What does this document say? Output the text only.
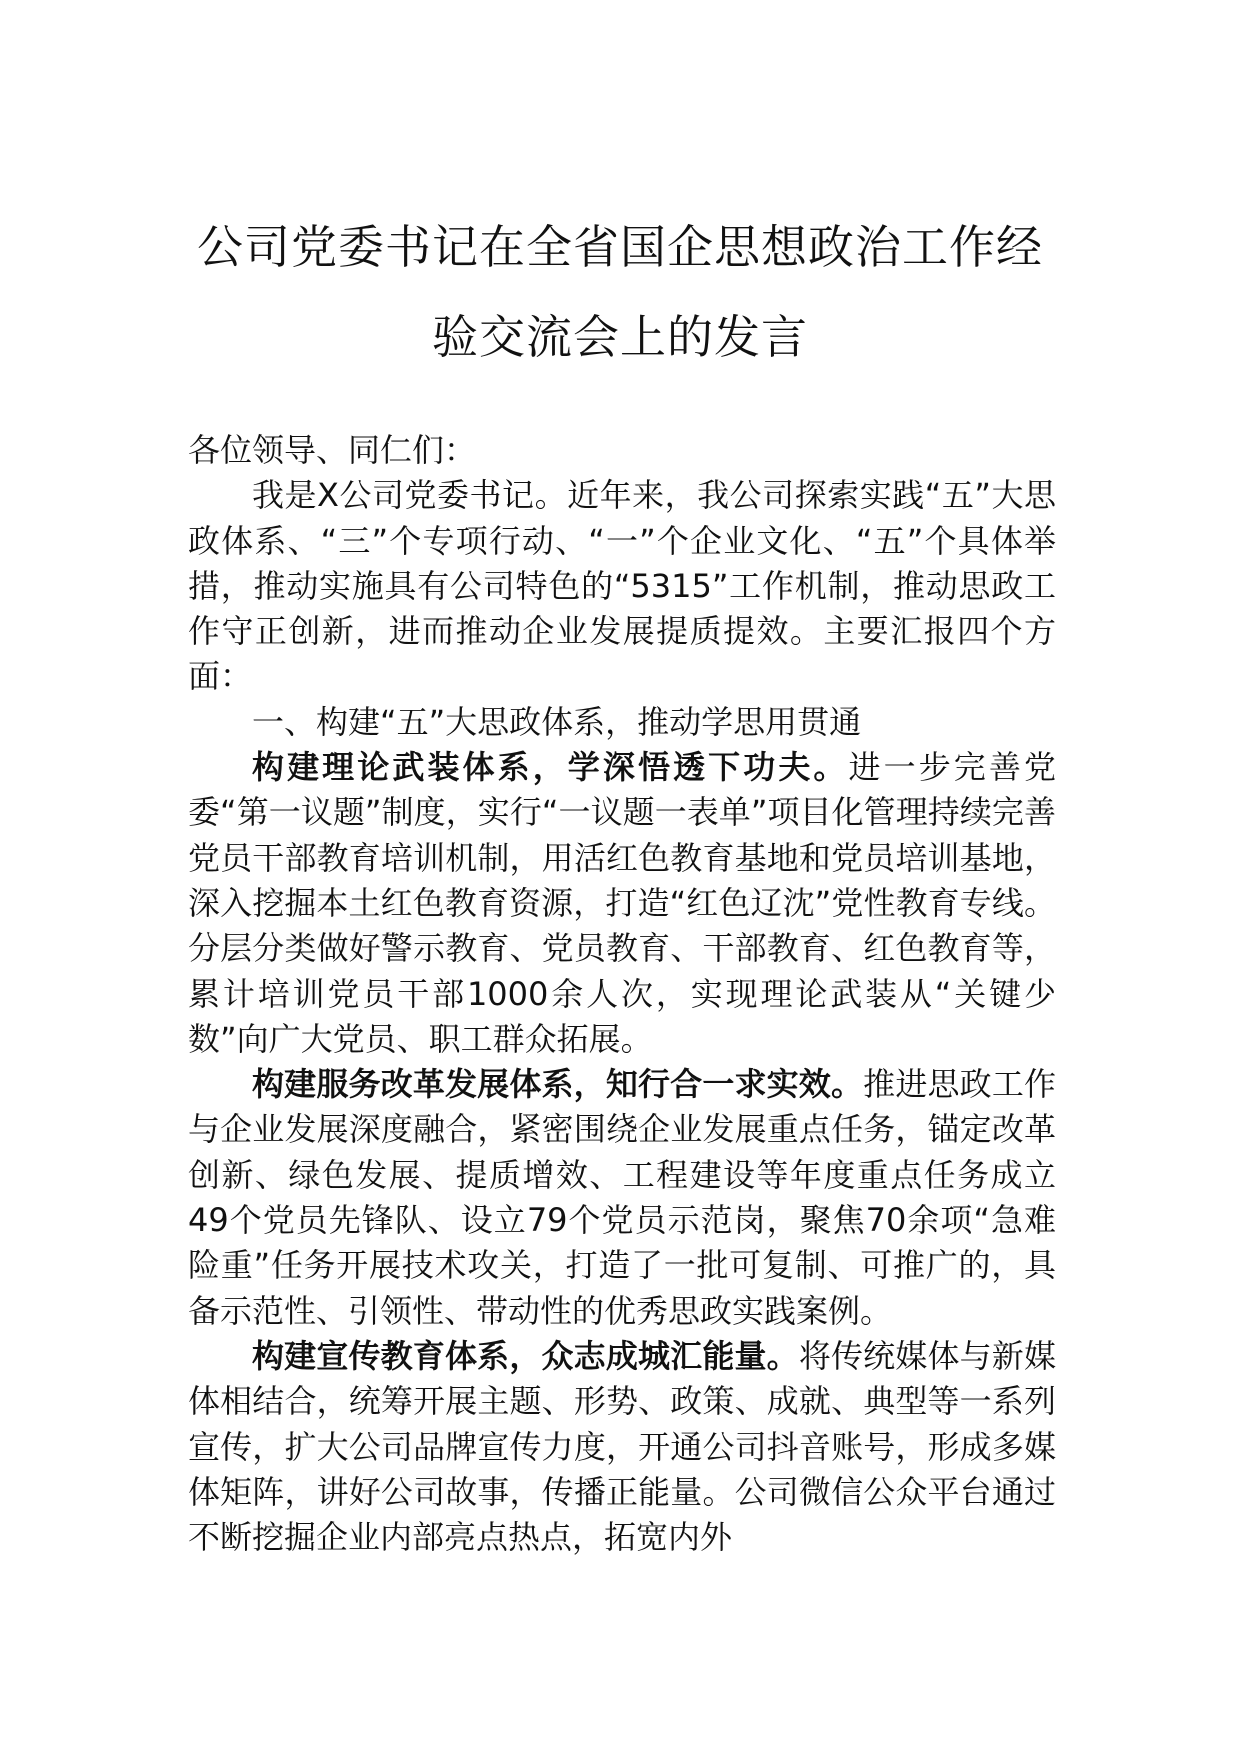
公司党委书记在全省国企思想政治工作经
验交流会上的发言

各位领导、同仁们：

我是X公司党委书记。近年来，我公司探索实践“五”大思政体系、“三”个专项行动、“一”个企业文化、“五”个具体举措，推动实施具有公司特色的“5315”工作机制，推动思政工作守正创新，进而推动企业发展提质提效。主要汇报四个方面：

一、构建“五”大思政体系，推动学思用贯通

构建理论武装体系，学深悟透下功夫。进一步完善党委“第一议题”制度，实行“一议题一表单”项目化管理持续完善党员干部教育培训机制，用活红色教育基地和党员培训基地，深入挖掘本土红色教育资源，打造“红色辽沈”党性教育专线。分层分类做好警示教育、党员教育、干部教育、红色教育等，累计培训党员干部1000余人次，实现理论武装从“关键少数”向广大党员、职工群众拓展。

构建服务改革发展体系，知行合一求实效。推进思政工作与企业发展深度融合，紧密围绕企业发展重点任务，锚定改革创新、绿色发展、提质增效、工程建设等年度重点任务成立49个党员先锋队、设立79个党员示范岗，聚焦70余项“急难险重”任务开展技术攻关，打造了一批可复制、可推广的，具备示范性、引领性、带动性的优秀思政实践案例。

构建宣传教育体系，众志成城汇能量。将传统媒体与新媒体相结合，统筹开展主题、形势、政策、成就、典型等一系列宣传，扩大公司品牌宣传力度，开通公司抖音账号，形成多媒体矩阵，讲好公司故事，传播正能量。公司微信公众平台通过不断挖掘企业内部亮点热点，拓宽内外
